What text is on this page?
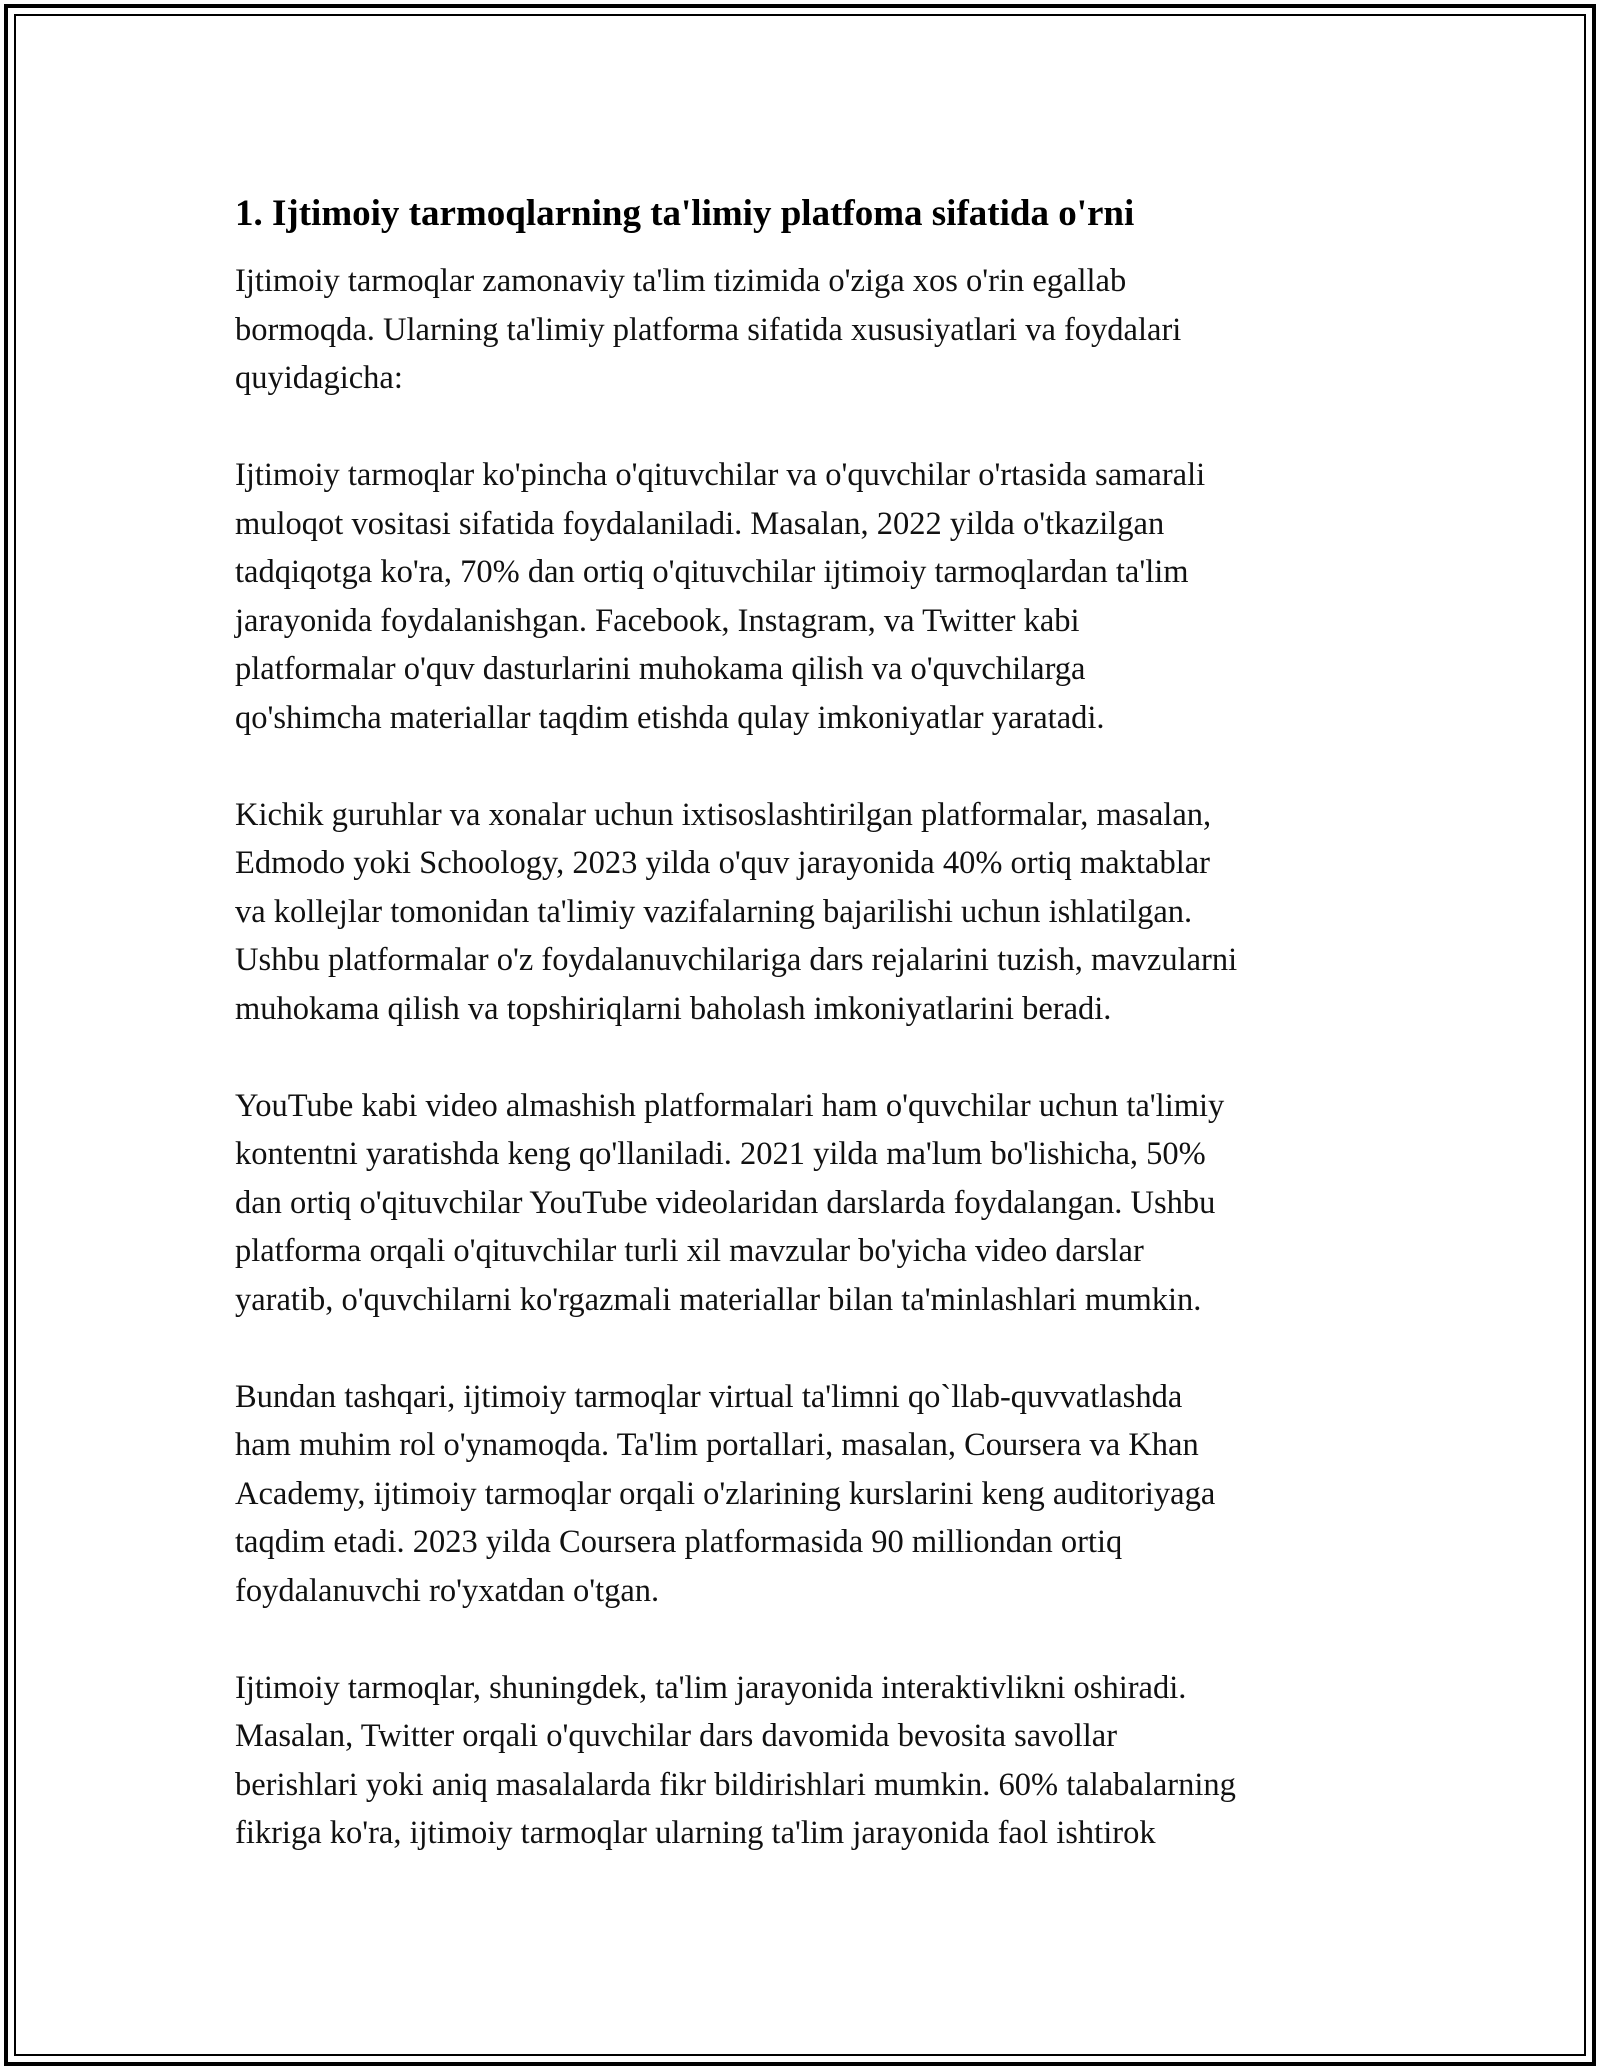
1. Ijtimoiy tarmoqlarning ta'limiy platfoma sifatida o'rni

Ijtimoiy tarmoqlar zamonaviy ta'lim tizimida o'ziga xos o'rin egallab
bormoqda. Ularning ta'limiy platforma sifatida xususiyatlari va foydalari
quyidagicha:

Ijtimoiy tarmoqlar ko'pincha o'qituvchilar va o'quvchilar o'rtasida samarali
muloqot vositasi sifatida foydalaniladi. Masalan, 2022 yilda o'tkazilgan
tadqiqotga ko'ra, 70% dan ortiq o'qituvchilar ijtimoiy tarmoqlardan ta'lim
jarayonida foydalanishgan. Facebook, Instagram, va Twitter kabi
platformalar o'quv dasturlarini muhokama qilish va o'quvchilarga
qo'shimcha materiallar taqdim etishda qulay imkoniyatlar yaratadi.

Kichik guruhlar va xonalar uchun ixtisoslashtirilgan platformalar, masalan,
Edmodo yoki Schoology, 2023 yilda o'quv jarayonida 40% ortiq maktablar
va kollejlar tomonidan ta'limiy vazifalarning bajarilishi uchun ishlatilgan.
Ushbu platformalar o'z foydalanuvchilariga dars rejalarini tuzish, mavzularni
muhokama qilish va topshiriqlarni baholash imkoniyatlarini beradi.

YouTube kabi video almashish platformalari ham o'quvchilar uchun ta'limiy
kontentni yaratishda keng qo'llaniladi. 2021 yilda ma'lum bo'lishicha, 50%
dan ortiq o'qituvchilar YouTube videolaridan darslarda foydalangan. Ushbu
platforma orqali o'qituvchilar turli xil mavzular bo'yicha video darslar
yaratib, o'quvchilarni ko'rgazmali materiallar bilan ta'minlashlari mumkin.

Bundan tashqari, ijtimoiy tarmoqlar virtual ta'limni qo`llab-quvvatlashda
ham muhim rol o'ynamoqda. Ta'lim portallari, masalan, Coursera va Khan
Academy, ijtimoiy tarmoqlar orqali o'zlarining kurslarini keng auditoriyaga
taqdim etadi. 2023 yilda Coursera platformasida 90 milliondan ortiq
foydalanuvchi ro'yxatdan o'tgan.

Ijtimoiy tarmoqlar, shuningdek, ta'lim jarayonida interaktivlikni oshiradi.
Masalan, Twitter orqali o'quvchilar dars davomida bevosita savollar
berishlari yoki aniq masalalarda fikr bildirishlari mumkin. 60% talabalarning
fikriga ko'ra, ijtimoiy tarmoqlar ularning ta'lim jarayonida faol ishtirok
